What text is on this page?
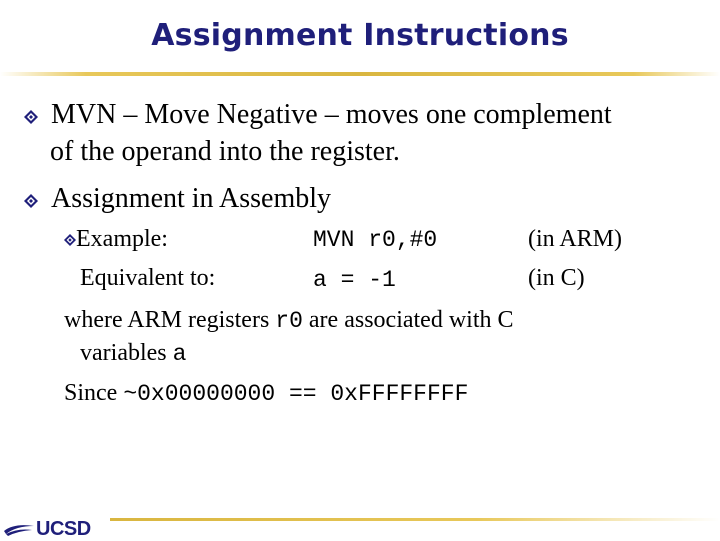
Assignment Instructions
MVN – Move Negative – moves one complement
of the operand into the register.
Assignment in Assembly
Example:	MVN r0,#0	(in ARM)
Equivalent to:	a = -1	(in C)
where ARM registers r0 are associated with C
variables a
Since ~0x00000000 == 0xFFFFFFFF
UCSD
